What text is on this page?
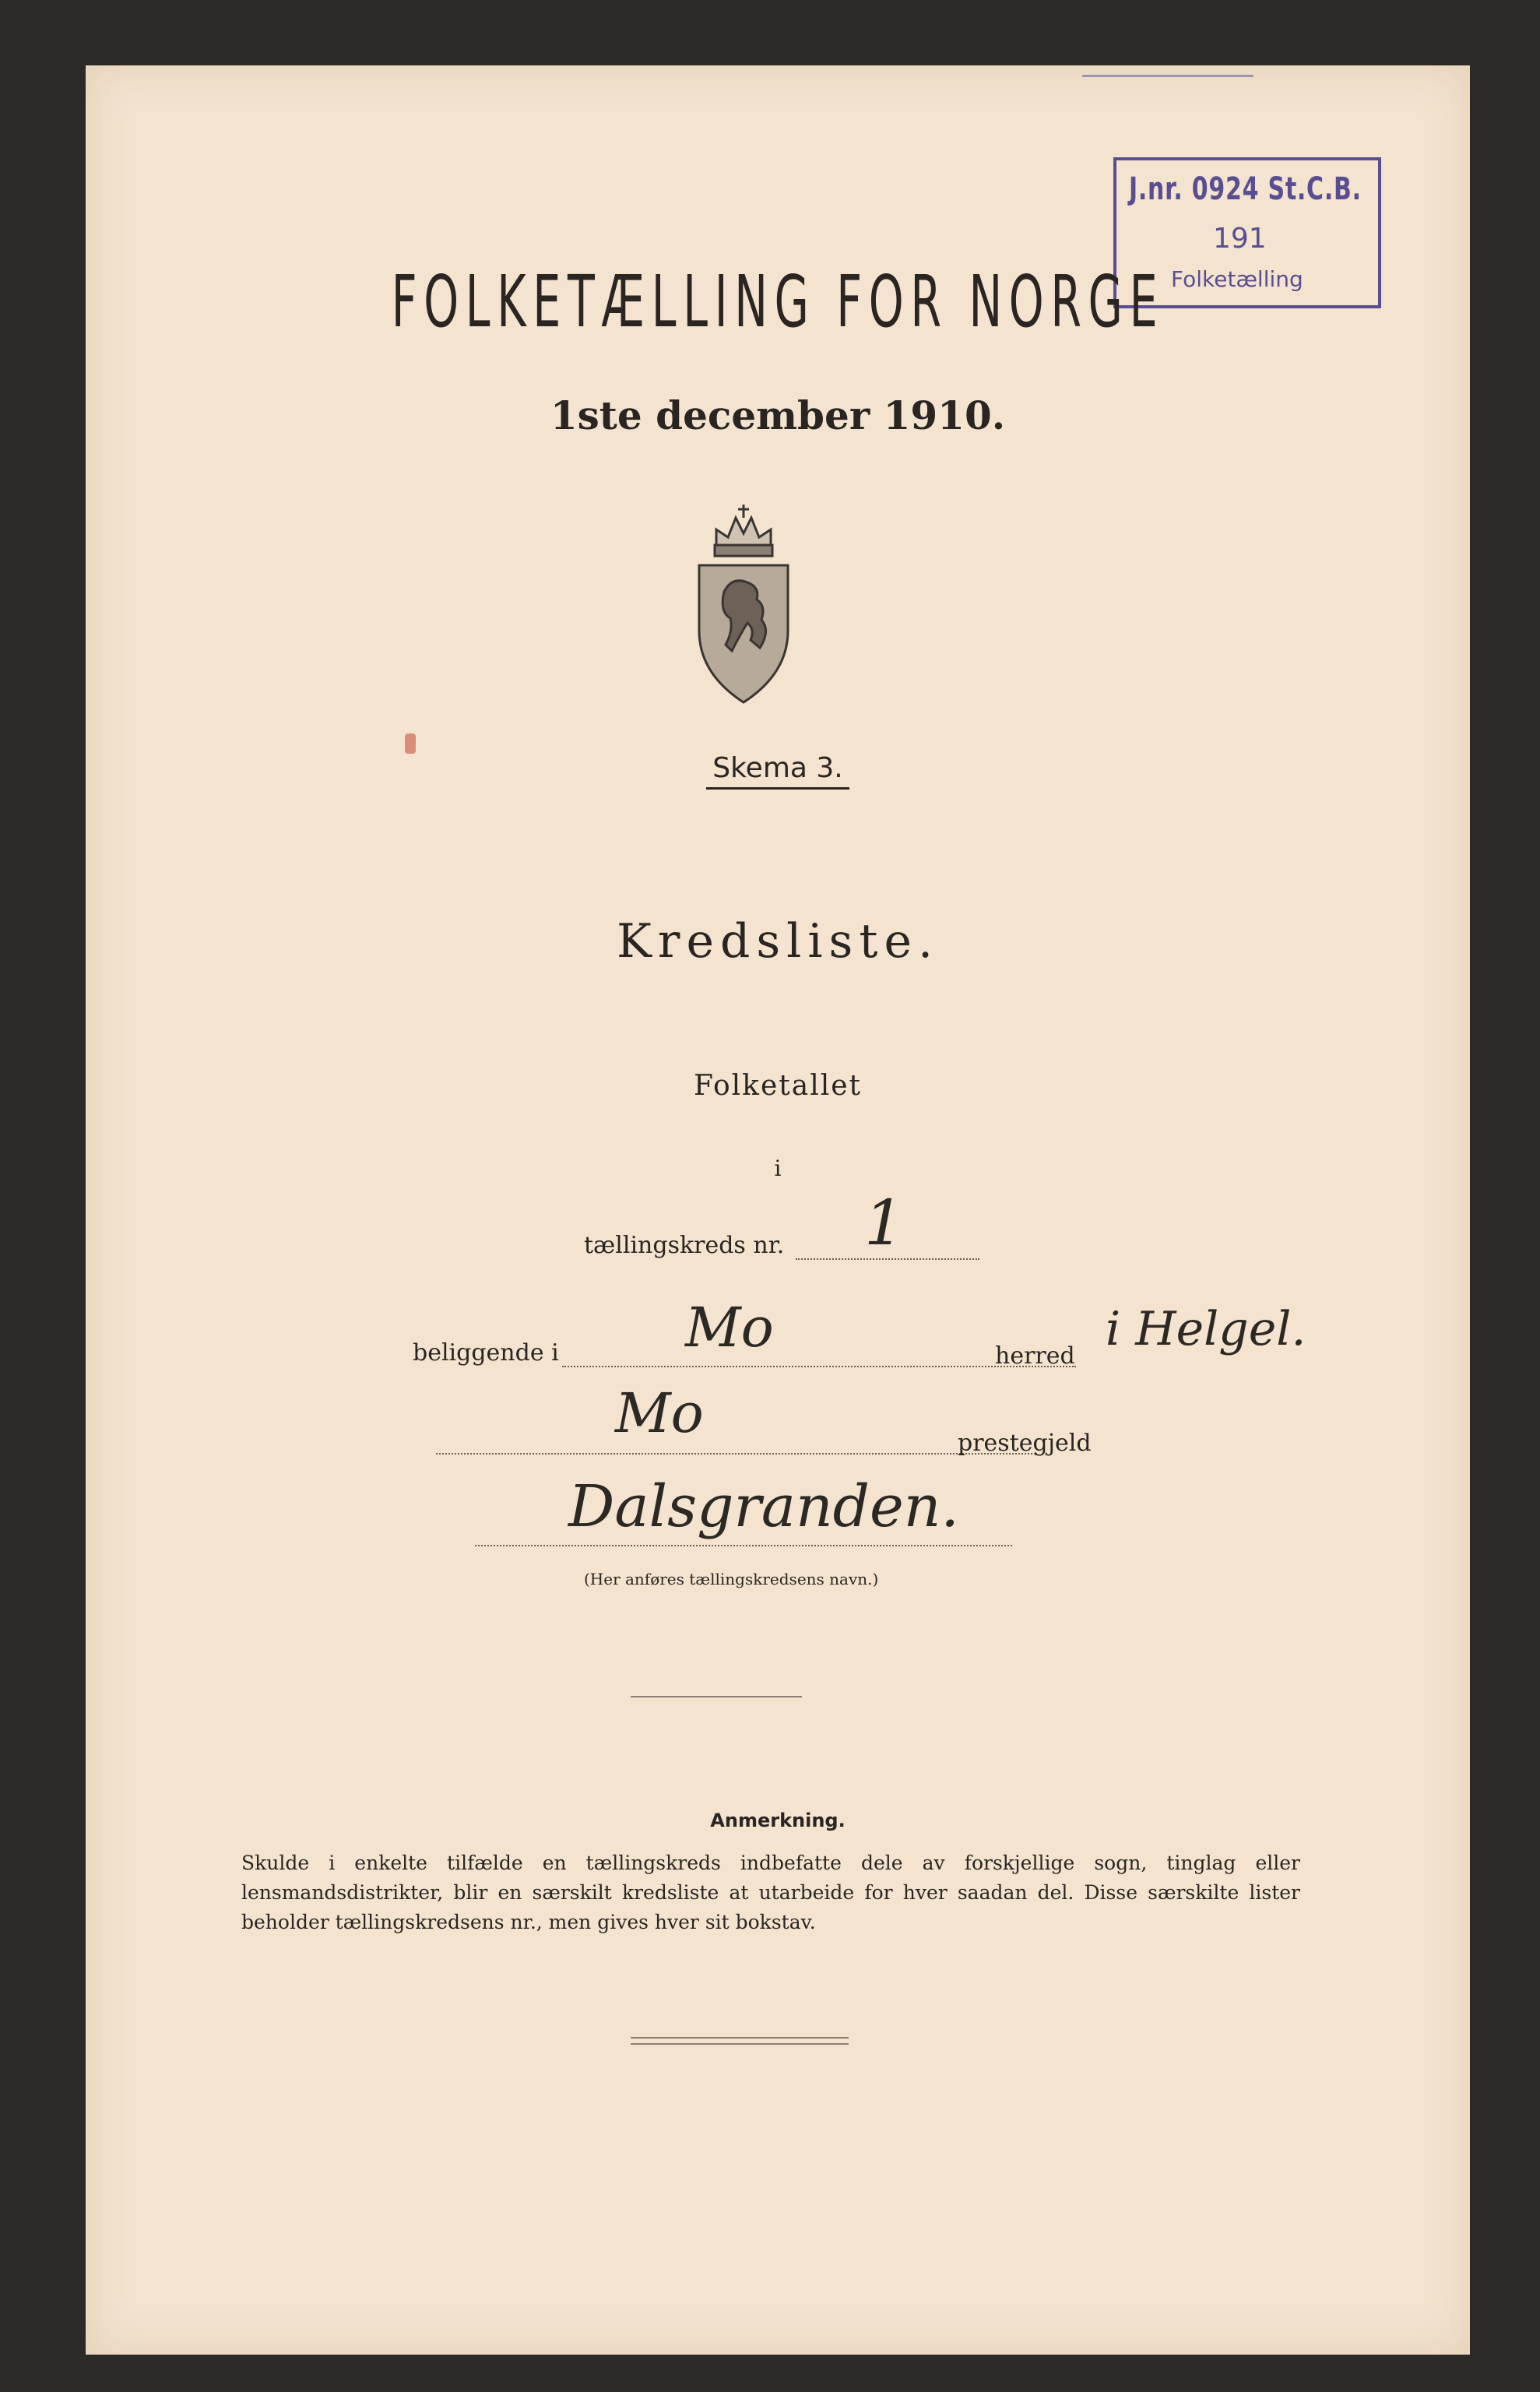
J.nr. 0924 St.C.B.
191
Folketælling
FOLKETÆLLING FOR NORGE
1ste december 1910.
Skema 3.
Kredsliste.
Folketallet
i
tællingskreds nr. 1
beliggende i Mo	herred i Helgel.
Mo	prestegjeld
Dalsgranden.
(Her anføres tællingskredsens navn.)
Anmerkning.
Skulde i enkelte tilfælde en tællingskreds indbefatte dele av forskjellige sogn, tinglag eller lensmandsdistrikter, blir en særskilt kredsliste at utarbeide for hver saadan del. Disse særskilte lister beholder tællingskredsens nr., men gives hver sit bokstav.
